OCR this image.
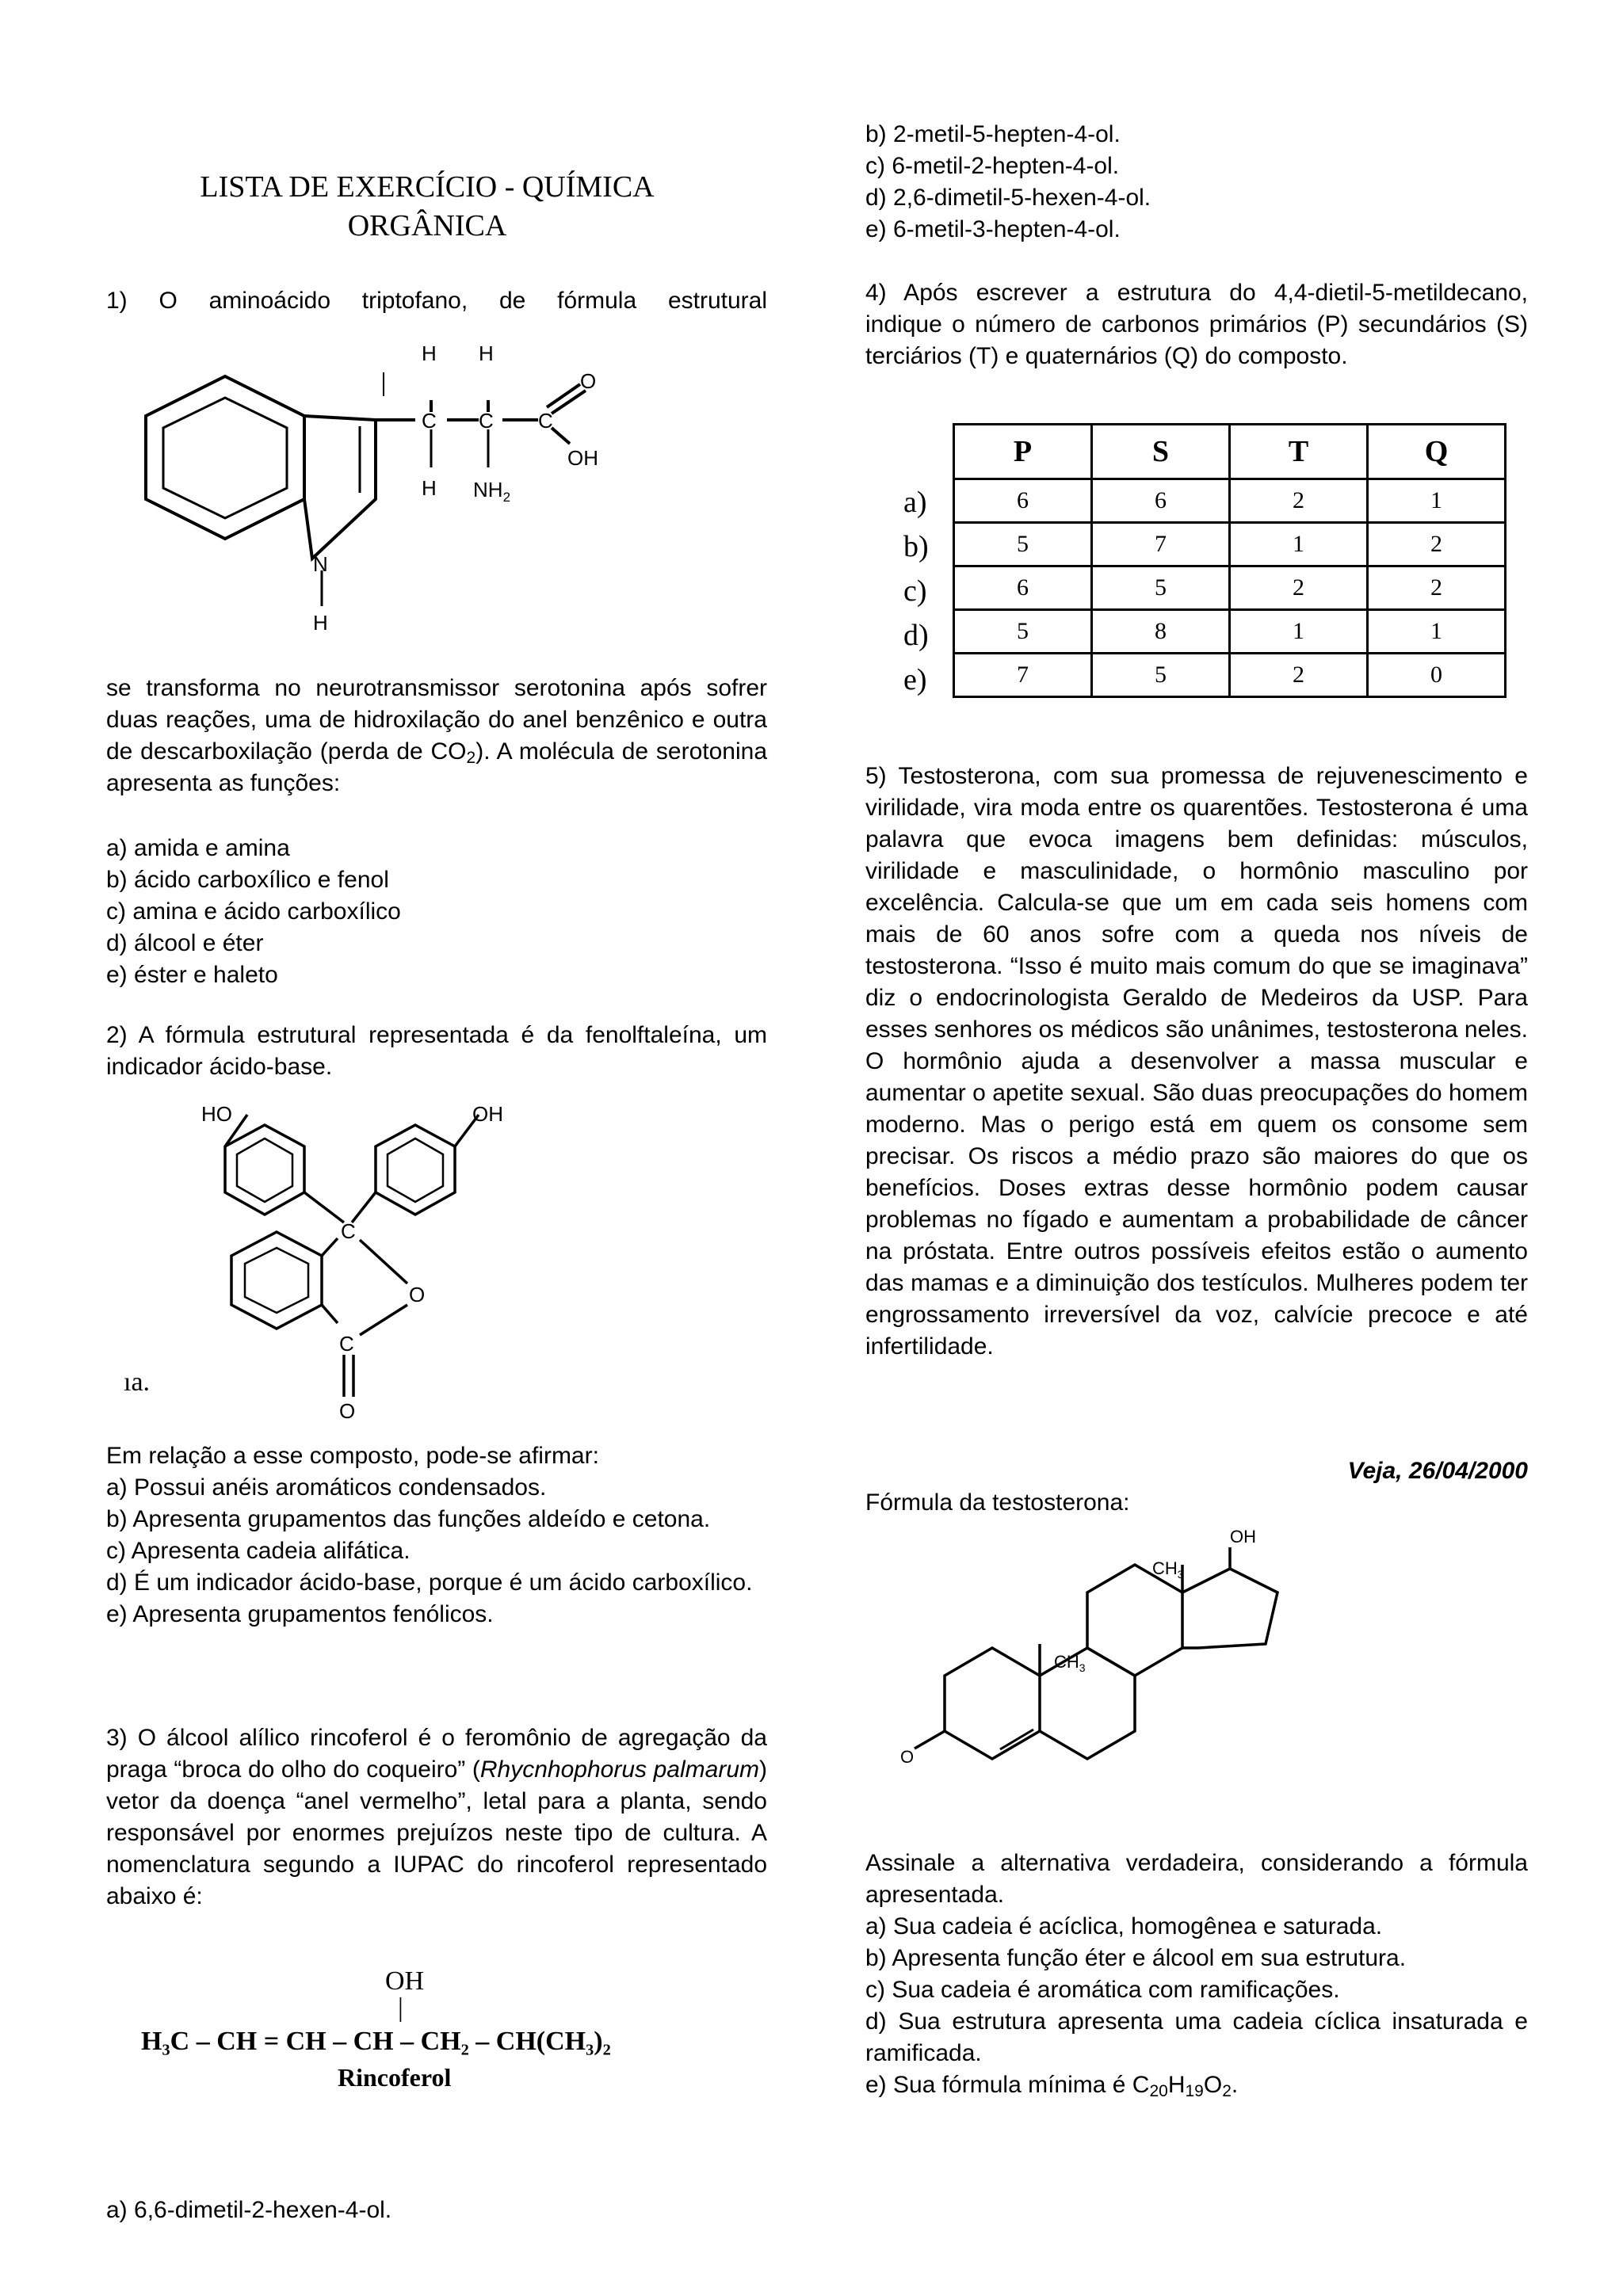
LISTA DE EXERCÍCIO - QUÍMICA
ORGÂNICA

1) O aminoácido triptofano, de fórmula estrutural

H H
C C C
O
OH
H $NH_2$
N
H

se transforma no neurotransmissor serotonina após sofrer duas reações, uma de hidroxilação do anel benzênico e outra de descarboxilação (perda de $CO_2$). A molécula de serotonina apresenta as funções:

a) amida e amina
b) ácido carboxílico e fenol
c) amina e ácido carboxílico
d) álcool e éter
e) éster e haleto

2) A fórmula estrutural representada é da fenolftaleína, um indicador ácido-base.

HO	OH
C
O
C
O
ıa.

Em relação a esse composto, pode-se afirmar:

a) Possui anéis aromáticos condensados.

b) Apresenta grupamentos das funções aldeído e cetona.

c) Apresenta cadeia alifática.

d) É um indicador ácido-base, porque é um ácido carboxílico.

e) Apresenta grupamentos fenólicos.

3) O álcool alílico rincoferol é o feromônio de agregação da praga “broca do olho do coqueiro” (Rhycnhophorus palmarum) vetor da doença “anel vermelho”, letal para a planta, sendo responsável por enormes prejuízos neste tipo de cultura. A nomenclatura segundo a IUPAC do rincoferol representado abaixo é:

OH
|
H₃C – CH = CH – CH – CH₂ – CH(CH₃)₂
Rincoferol
a) 6,6-dimetil-2-hexen-4-ol.
b) 2-metil-5-hepten-4-ol.
c) 6-metil-2-hepten-4-ol.
d) 2,6-dimetil-5-hexen-4-ol.
e) 6-metil-3-hepten-4-ol.

4) Após escrever a estrutura do 4,4-dietil-5-metildecano, indique o número de carbonos primários (P) secundários (S) terciários (T) e quaternários (Q) do composto.

a)
b)
c)
d)
e)
P	S	T	Q
6	6	2	1
5	7	1	2
6	5	2	2
5	8	1	1
7	5	2	0

5) Testosterona, com sua promessa de rejuvenescimento e virilidade, vira moda entre os quarentões. Testosterona é uma palavra que evoca imagens bem definidas: músculos, virilidade e masculinidade, o hormônio masculino por excelência. Calcula-se que um em cada seis homens com mais de 60 anos sofre com a queda nos níveis de testosterona. “Isso é muito mais comum do que se imaginava” diz o endocrinologista Geraldo de Medeiros da USP. Para esses senhores os médicos são unânimes, testosterona neles. O hormônio ajuda a desenvolver a massa muscular e aumentar o apetite sexual. São duas preocupações do homem moderno. Mas o perigo está em quem os consome sem precisar. Os riscos a médio prazo são maiores do que os benefícios. Doses extras desse hormônio podem causar problemas no fígado e aumentam a probabilidade de câncer na próstata. Entre outros possíveis efeitos estão o aumento das mamas e a diminuição dos testículos. Mulheres podem ter engrossamento irreversível da voz, calvície precoce e até infertilidade.

Veja, 26/04/2000

Fórmula da testosterona:

OH
$CH_3$
$CH_3$
O

Assinale a alternativa verdadeira, considerando a fórmula apresentada.

a) Sua cadeia é acíclica, homogênea e saturada.

b) Apresenta função éter e álcool em sua estrutura.

c) Sua cadeia é aromática com ramificações.

d) Sua estrutura apresenta uma cadeia cíclica insaturada e ramificada.

e) Sua fórmula mínima é $C_{20}H_{19}O_2$.
